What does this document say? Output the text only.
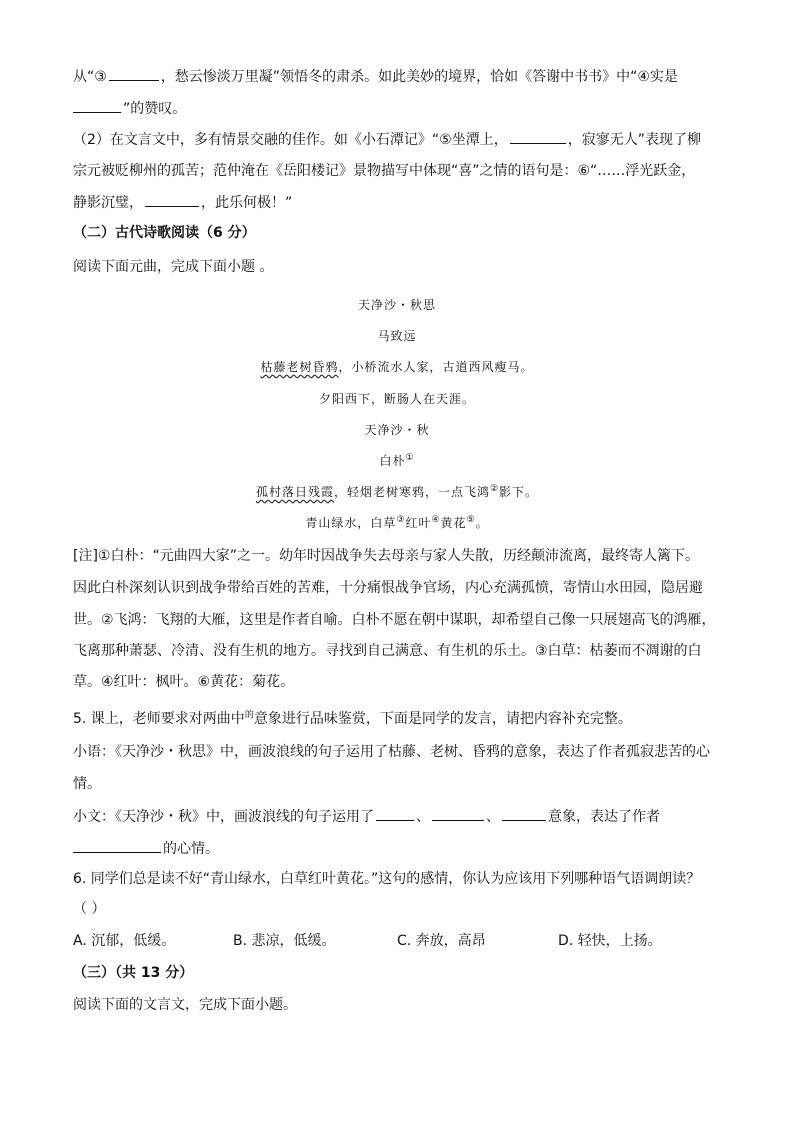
从“③	，愁云惨淡万里凝”领悟冬的肃杀。如此美妙的境界，恰如《答谢中书书》中“④实是
”的赞叹。
（2）在文言文中，多有情景交融的佳作。如《小石潭记》“⑤坐潭上，	，寂寥无人”表现了柳
宗元被贬柳州的孤苦；范仲淹在《岳阳楼记》景物描写中体现“喜”之情的语句是：⑥“……浮光跃金，
静影沉璧，	，此乐何极！”
（二）古代诗歌阅读（6 分）
阅读下面元曲，完成下面小题 。
天净沙・秋思
马致远
枯藤老树昏鸦，小桥流水人家，古道西风瘦马。
夕阳西下，断肠人在天涯。
天净沙・秋
白朴①
孤村落日残霞，轻烟老树寒鸦，一点飞鸿②影下。
青山绿水，白草③红叶④黄花⑤。
[注]①白朴：“元曲四大家”之一。幼年时因战争失去母亲与家人失散，历经颠沛流离，最终寄人篱下。
因此白朴深刻认识到战争带给百姓的苦难，十分痛恨战争官场，内心充满孤愤，寄情山水田园，隐居避
世。②飞鸿：飞翔的大雁，这里是作者自喻。白朴不愿在朝中谋职，却希望自己像一只展翅高飞的鸿雁，
飞离那种萧瑟、冷清、没有生机的地方。寻找到自己满意、有生机的乐土。③白草：枯萎而不凋谢的白
草。④红叶：枫叶。⑥黄花：菊花。
5. 课上，老师要求对两曲中$^的$意象进行品味鉴赏，下面是同学的发言，请把内容补充完整。
小语：《天净沙・秋思》中，画波浪线的句子运用了枯藤、老树、昏鸦的意象，表达了作者孤寂悲苦的心
情。
小文：《天净沙・秋》中，画波浪线的句子运用了	、	、	意象，表达了作者
的心情。
6. 同学们总是读不好“青山绿水，白草红叶黄花。”这句的感情，你认为应该用下列哪种语气语调朗读？
（ ）
A. 沉郁，低缓。	B. 悲凉，低缓。	C. 奔放，高昂	D. 轻快，上扬。
（三）（共 13 分）
阅读下面的文言文，完成下面小题。
